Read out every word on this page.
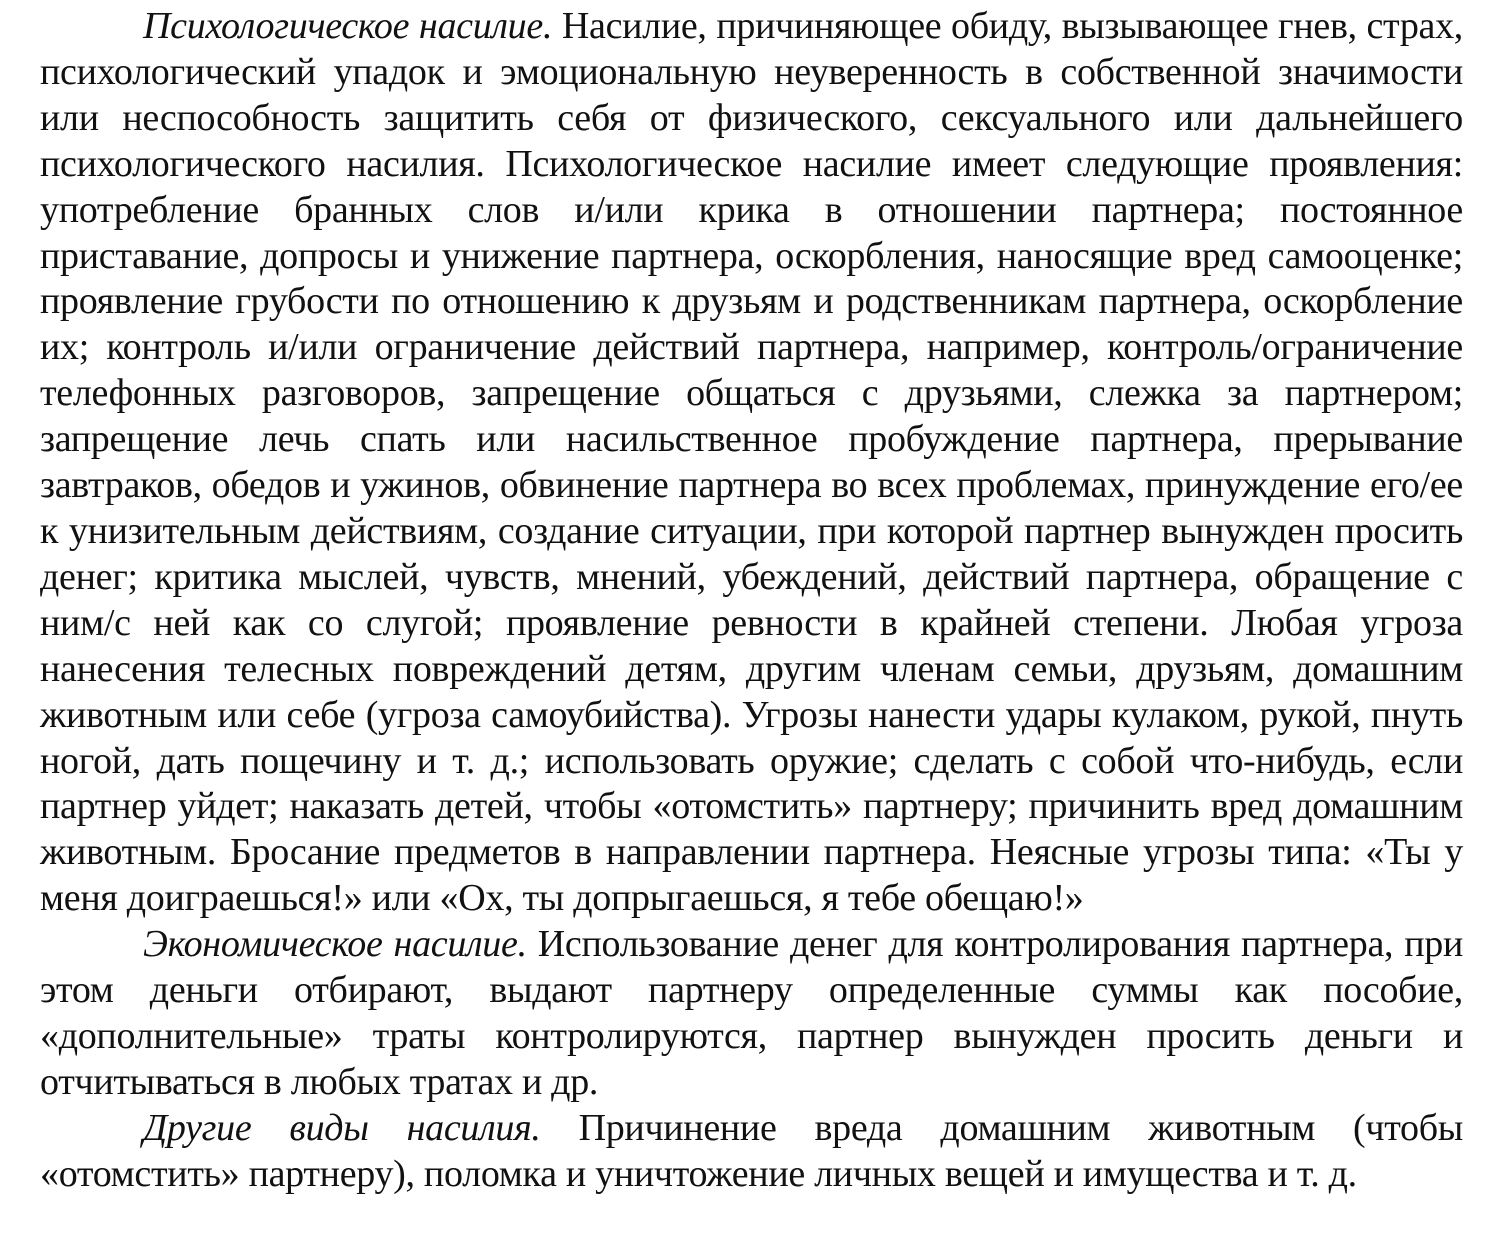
Психологическое насилие. Насилие, причиняющее обиду, вызывающее гнев, страх, психологический упадок и эмоциональную неуверенность в собственной значимости или неспособность защитить себя от физического, сексуального или дальнейшего психологического насилия. Психологическое насилие имеет следующие проявления: употребление бранных слов и/или крика в отношении партнера; постоянное приставание, допросы и унижение партнера, оскорбления, наносящие вред самооценке; проявление грубости по отношению к друзьям и родственникам партнера, оскорбление их; контроль и/или ограничение действий партнера, например, контроль/ограничение телефонных разговоров, запрещение общаться с друзьями, слежка за партнером; запрещение лечь спать или насильственное пробуждение партнера, прерывание завтраков, обедов и ужинов, обвинение партнера во всех проблемах, принуждение его/ее к унизительным действиям, создание ситуации, при которой партнер вынужден просить денег; критика мыслей, чувств, мнений, убеждений, действий партнера, обращение с ним/с ней как со слугой; проявление ревности в крайней степени. Любая угроза нанесения телесных повреждений детям, другим членам семьи, друзьям, домашним животным или себе (угроза самоубийства). Угрозы нанести удары кулаком, рукой, пнуть ногой, дать пощечину и т. д.; использовать оружие; сделать с собой что-нибудь, если партнер уйдет; наказать детей, чтобы «отомстить» партнеру; причинить вред домашним животным. Бросание предметов в направлении партнера. Неясные угрозы типа: «Ты у меня доиграешься!» или «Ох, ты допрыгаешься, я тебе обещаю!»

Экономическое насилие. Использование денег для контролирования партнера, при этом деньги отбирают, выдают партнеру определенные суммы как пособие, «дополнительные» траты контролируются, партнер вынужден просить деньги и отчитываться в любых тратах и др.

Другие виды насилия. Причинение вреда домашним животным (чтобы «отомстить» партнеру), поломка и уничтожение личных вещей и имущества и т. д.
